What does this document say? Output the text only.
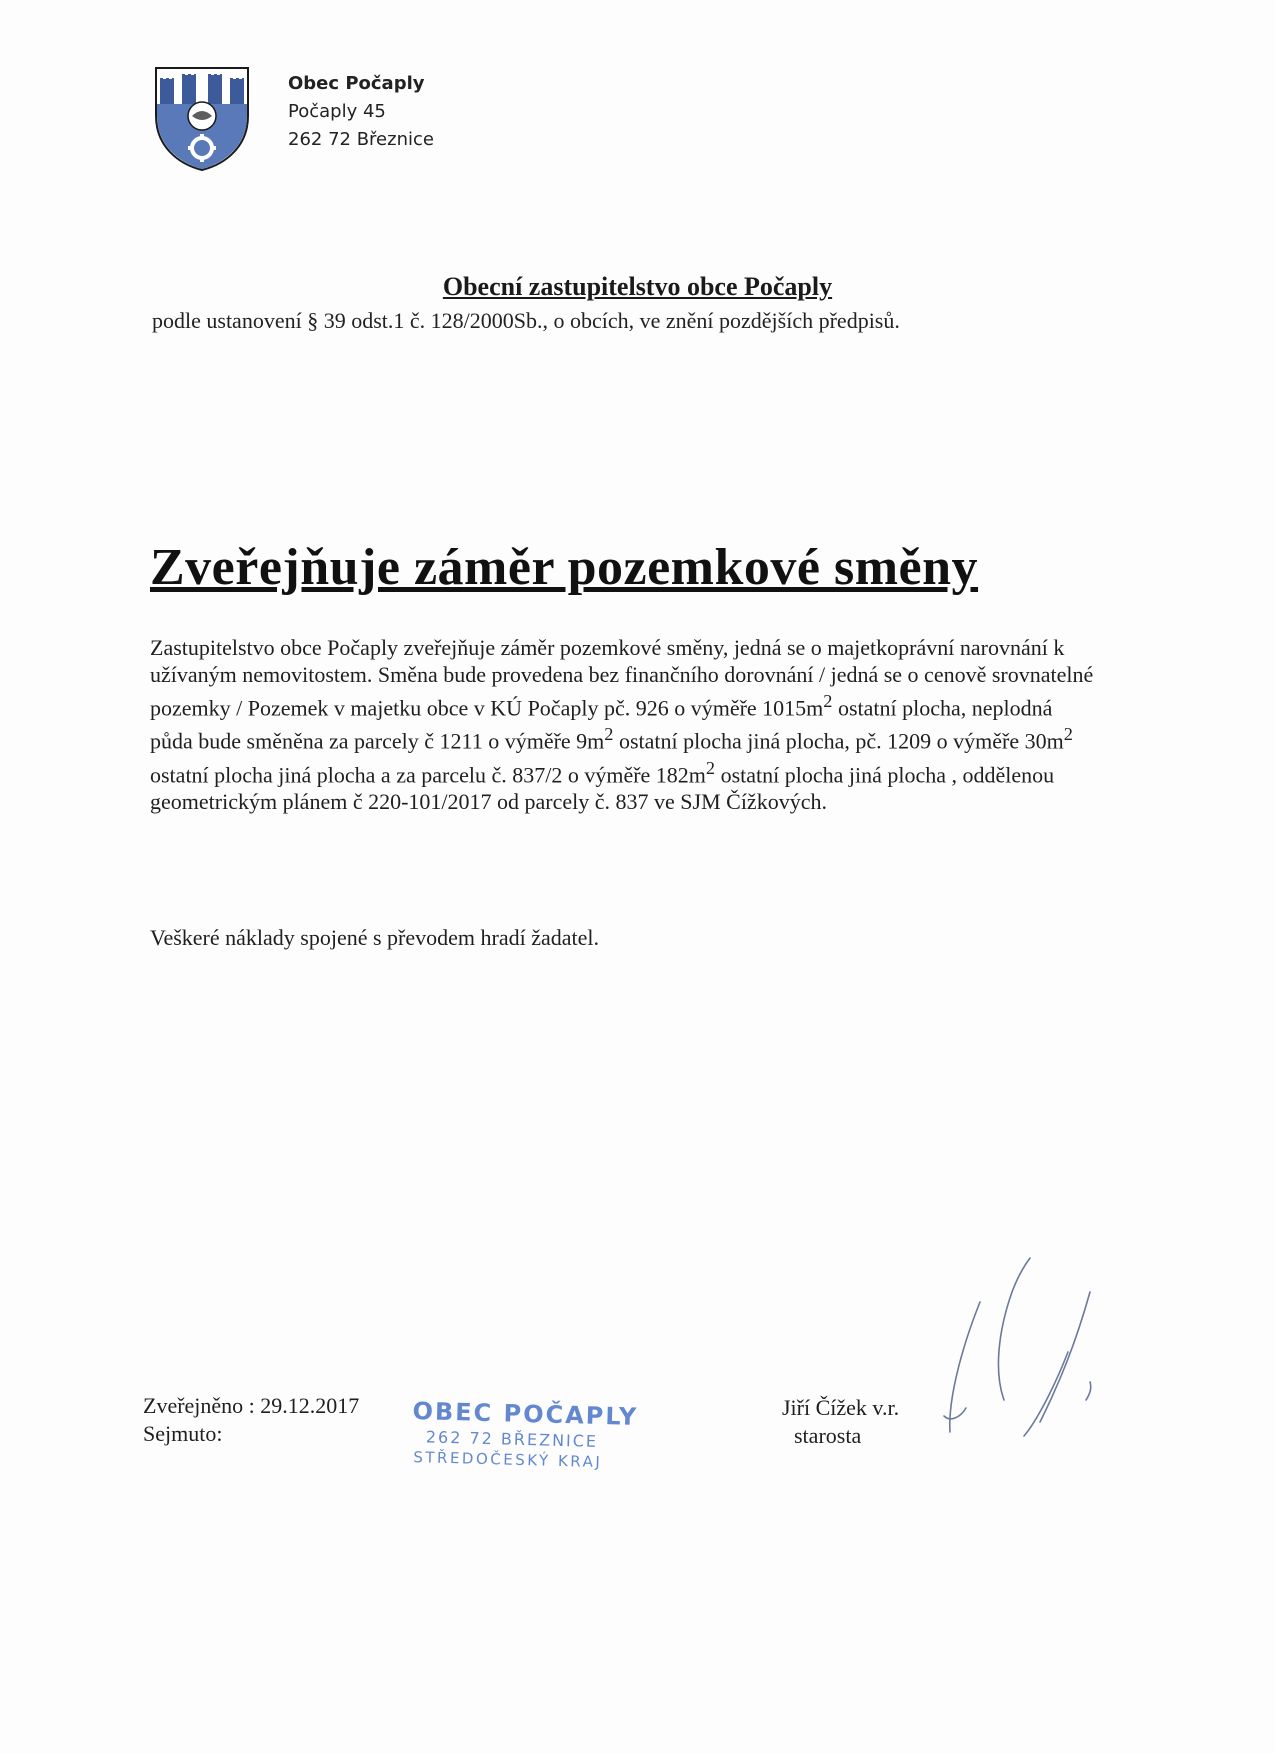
Obec Počaply
Počaply 45
262 72 Březnice
Obecní zastupitelstvo obce Počaply
podle ustanovení § 39 odst.1 č. 128/2000Sb., o obcích, ve znění pozdějších předpisů.
Zveřejňuje záměr pozemkové směny
Zastupitelstvo obce Počaply zveřejňuje záměr pozemkové směny, jedná se o majetkoprávní narovnání k užívaným nemovitostem. Směna bude provedena bez finančního dorovnání / jedná se o cenově srovnatelné pozemky / Pozemek v majetku obce v KÚ Počaply pč. 926 o výměře $1015m^2$ ostatní plocha, neplodná půda bude směněna za parcely č 1211 o výměře $9m^2$ ostatní plocha jiná plocha, pč. 1209 o výměře $30m^2$ ostatní plocha jiná plocha a za parcelu č. 837/2 o výměře $182m^2$ ostatní plocha jiná plocha , oddělenou geometrickým plánem č 220-101/2017 od parcely č. 837 ve SJM Čížkových.
Veškeré náklady spojené s převodem hradí žadatel.
Zveřejněno : 29.12.2017
Sejmuto:
OBEC POČAPLY
262 72 BŘEZNICE
STŘEDOČESKÝ KRAJ
Jiří Čížek v.r.
starosta
